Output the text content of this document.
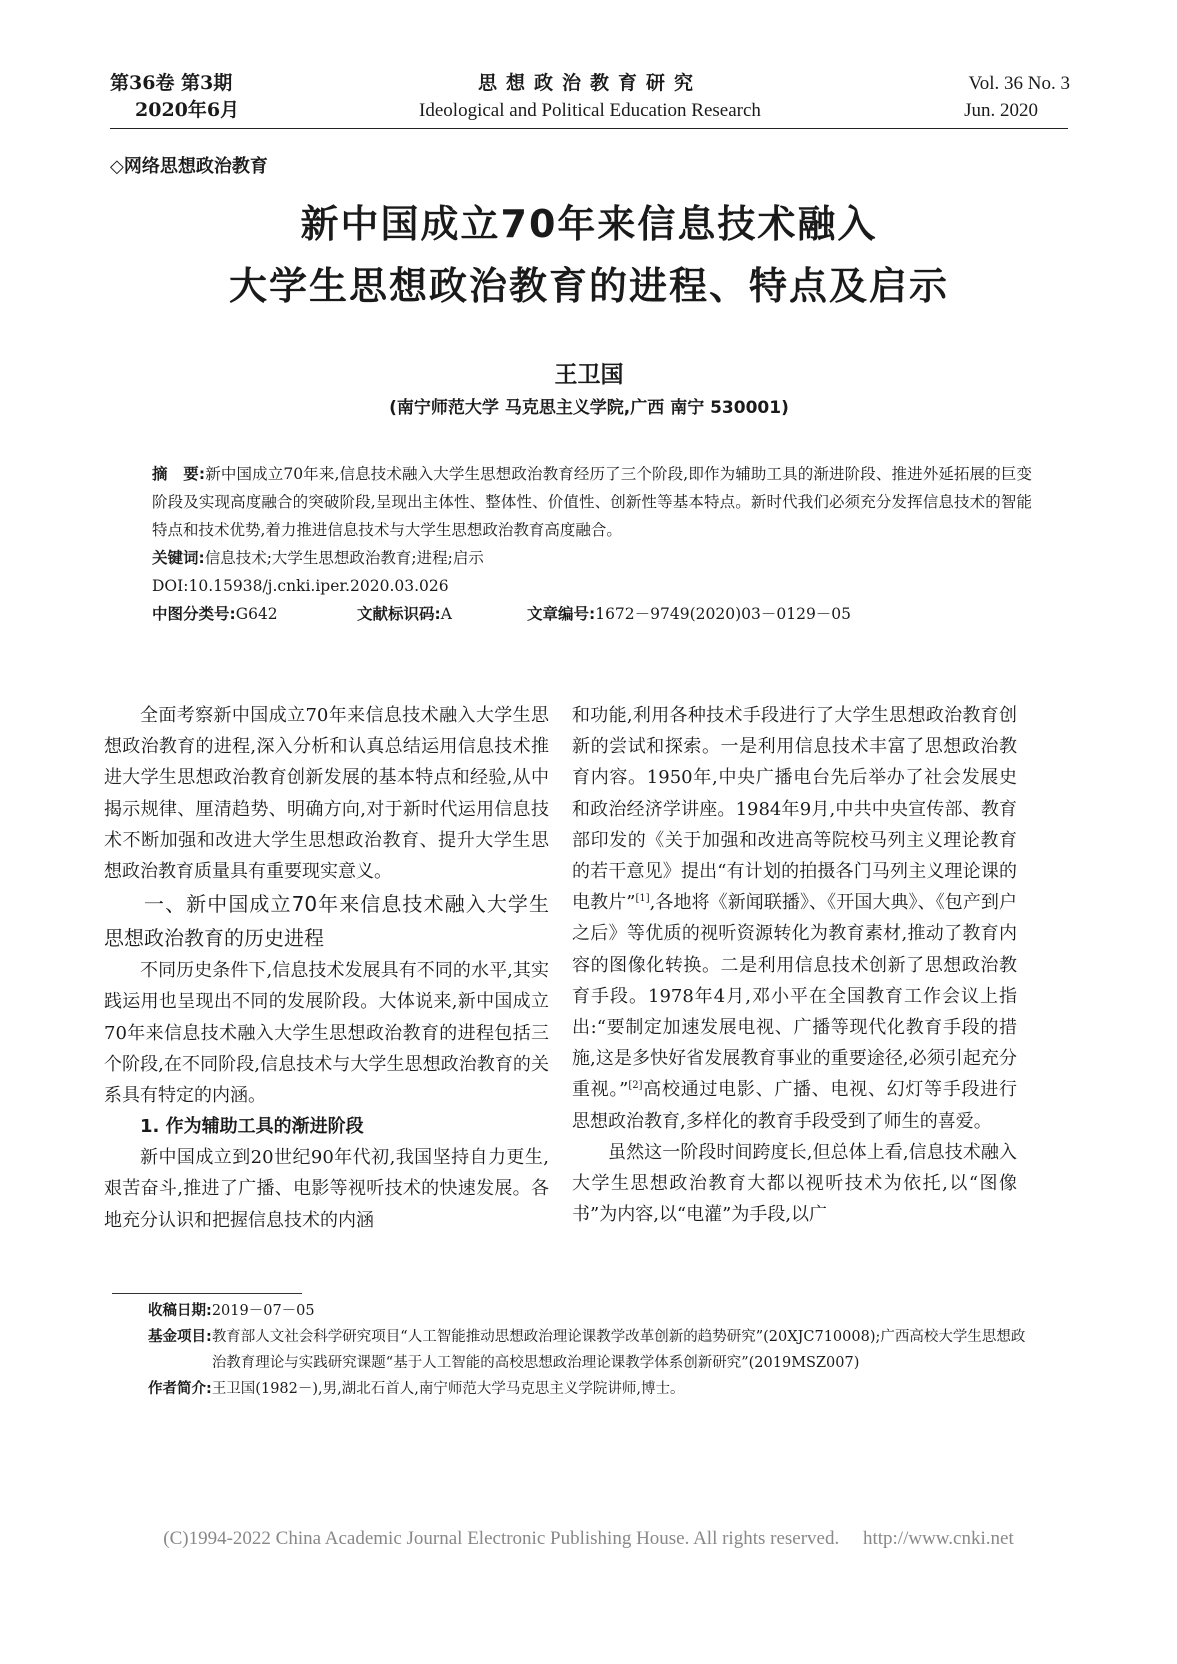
第36卷 第3期
2020年6月
思想政治教育研究
Ideological and Political Education Research
Vol. 36 No. 3
Jun. 2020
◇网络思想政治教育
新中国成立70年来信息技术融入
大学生思想政治教育的进程、特点及启示
王卫国
(南宁师范大学 马克思主义学院,广西 南宁 530001)
摘　要:新中国成立70年来,信息技术融入大学生思想政治教育经历了三个阶段,即作为辅助工具的渐进阶段、推进外延拓展的巨变阶段及实现高度融合的突破阶段,呈现出主体性、整体性、价值性、创新性等基本特点。新时代我们必须充分发挥信息技术的智能特点和技术优势,着力推进信息技术与大学生思想政治教育高度融合。
关键词:信息技术;大学生思想政治教育;进程;启示
DOI:10.15938/j.cnki.iper.2020.03.026
中图分类号:G642	文献标识码:A	文章编号:1672－9749(2020)03－0129－05

全面考察新中国成立70年来信息技术融入大学生思想政治教育的进程,深入分析和认真总结运用信息技术推进大学生思想政治教育创新发展的基本特点和经验,从中揭示规律、厘清趋势、明确方向,对于新时代运用信息技术不断加强和改进大学生思想政治教育、提升大学生思想政治教育质量具有重要现实意义。

一、新中国成立70年来信息技术融入大学生思想政治教育的历史进程

不同历史条件下,信息技术发展具有不同的水平,其实践运用也呈现出不同的发展阶段。大体说来,新中国成立70年来信息技术融入大学生思想政治教育的进程包括三个阶段,在不同阶段,信息技术与大学生思想政治教育的关系具有特定的内涵。

1. 作为辅助工具的渐进阶段

新中国成立到20世纪90年代初,我国坚持自力更生,艰苦奋斗,推进了广播、电影等视听技术的快速发展。各地充分认识和把握信息技术的内涵

和功能,利用各种技术手段进行了大学生思想政治教育创新的尝试和探索。一是利用信息技术丰富了思想政治教育内容。1950年,中央广播电台先后举办了社会发展史和政治经济学讲座。1984年9月,中共中央宣传部、教育部印发的《关于加强和改进高等院校马列主义理论教育的若干意见》提出“有计划的拍摄各门马列主义理论课的电教片”[1],各地将《新闻联播》、《开国大典》、《包产到户之后》等优质的视听资源转化为教育素材,推动了教育内容的图像化转换。二是利用信息技术创新了思想政治教育手段。1978年4月,邓小平在全国教育工作会议上指出:“要制定加速发展电视、广播等现代化教育手段的措施,这是多快好省发展教育事业的重要途径,必须引起充分重视。”[2]高校通过电影、广播、电视、幻灯等手段进行思想政治教育,多样化的教育手段受到了师生的喜爱。

虽然这一阶段时间跨度长,但总体上看,信息技术融入大学生思想政治教育大都以视听技术为依托,以“图像书”为内容,以“电灌”为手段,以广

收稿日期: 2019－07－05
基金项目: 教育部人文社会科学研究项目“人工智能推动思想政治理论课教学改革创新的趋势研究”(20XJC710008);广西高校大学生思想政治教育理论与实践研究课题“基于人工智能的高校思想政治理论课教学体系创新研究”(2019MSZ007)
作者简介: 王卫国(1982－),男,湖北石首人,南宁师范大学马克思主义学院讲师,博士。
(C)1994-2022 China Academic Journal Electronic Publishing House. All rights reserved.　 http://www.cnki.net
